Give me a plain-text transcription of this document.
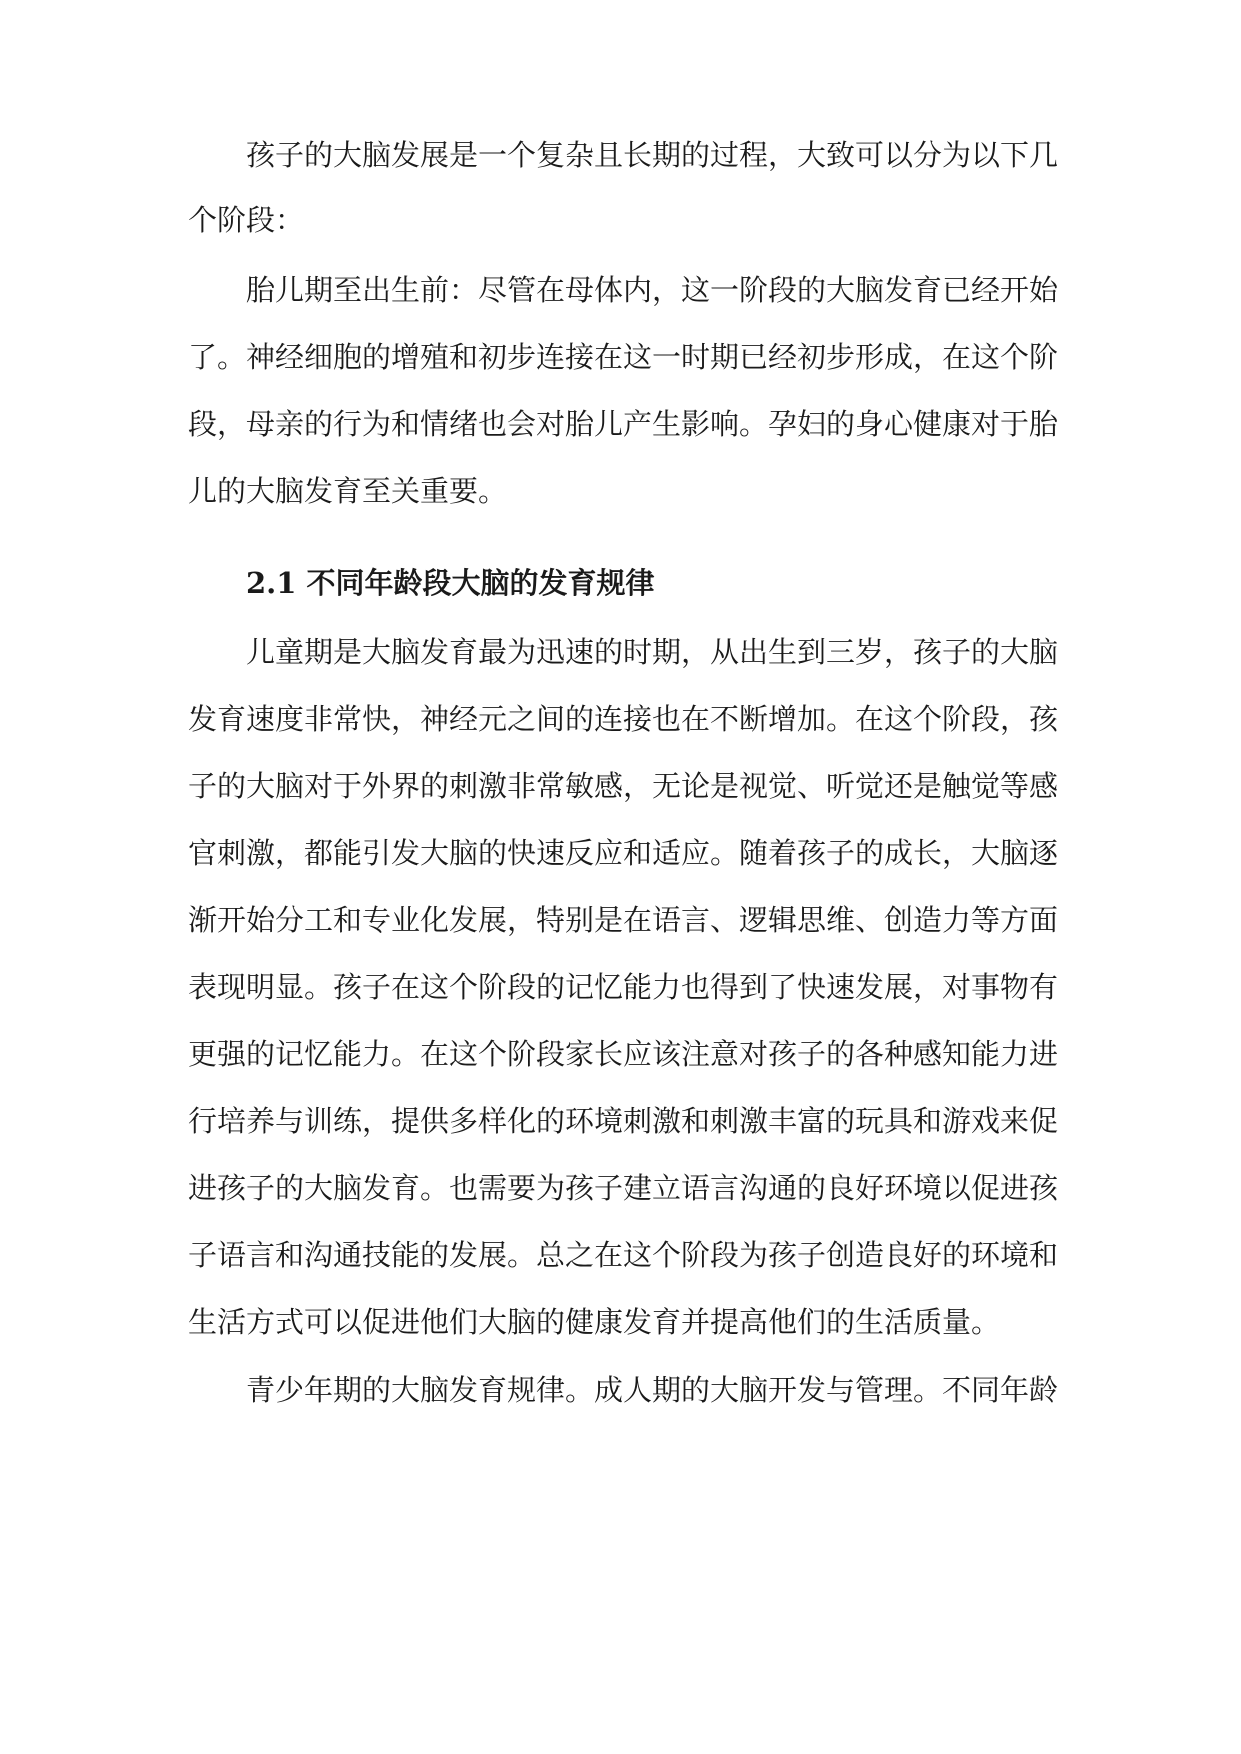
孩子的大脑发展是一个复杂且长期的过程，大致可以分为以下几
个阶段：
胎儿期至出生前：尽管在母体内，这一阶段的大脑发育已经开始
了。神经细胞的增殖和初步连接在这一时期已经初步形成，在这个阶
段，母亲的行为和情绪也会对胎儿产生影响。孕妇的身心健康对于胎
儿的大脑发育至关重要。
2.1 不同年龄段大脑的发育规律
儿童期是大脑发育最为迅速的时期，从出生到三岁，孩子的大脑
发育速度非常快，神经元之间的连接也在不断增加。在这个阶段，孩
子的大脑对于外界的刺激非常敏感，无论是视觉、听觉还是触觉等感
官刺激，都能引发大脑的快速反应和适应。随着孩子的成长，大脑逐
渐开始分工和专业化发展，特别是在语言、逻辑思维、创造力等方面
表现明显。孩子在这个阶段的记忆能力也得到了快速发展，对事物有
更强的记忆能力。在这个阶段家长应该注意对孩子的各种感知能力进
行培养与训练，提供多样化的环境刺激和刺激丰富的玩具和游戏来促
进孩子的大脑发育。也需要为孩子建立语言沟通的良好环境以促进孩
子语言和沟通技能的发展。总之在这个阶段为孩子创造良好的环境和
生活方式可以促进他们大脑的健康发育并提高他们的生活质量。
青少年期的大脑发育规律。成人期的大脑开发与管理。不同年龄
